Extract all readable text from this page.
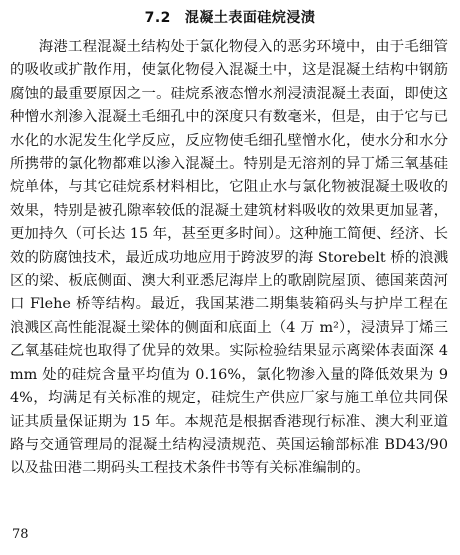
7.2 混凝土表面硅烷浸渍

海港工程混凝土结构处于氯化物侵入的恶劣环境中，由于毛细管的吸收或扩散作用，使氯化物侵入混凝土中，这是混凝土结构中钢筋腐蚀的最重要原因之一。硅烷系液态憎水剂浸渍混凝土表面，即使这种憎水剂渗入混凝土毛细孔中的深度只有数毫米，但是，由于它与已水化的水泥发生化学反应，反应物使毛细孔壁憎水化，使水分和水分所携带的氯化物都难以渗入混凝土。特别是无溶剂的异丁烯三氧基硅烷单体，与其它硅烷系材料相比，它阻止水与氯化物被混凝土吸收的效果，特别是被孔隙率较低的混凝土建筑材料吸收的效果更加显著，更加持久（可长达 15 年，甚至更多时间）。这种施工简便、经济、长效的防腐蚀技术，最近成功地应用于跨波罗的海 Storebelt 桥的浪溅区的梁、板底侧面、澳大利亚悉尼海岸上的歌剧院屋顶、德国莱茵河口 Flehe 桥等结构。最近，我国某港二期集装箱码头与护岸工程在浪溅区高性能混凝土梁体的侧面和底面上（4 万 m²），浸渍异丁烯三乙氧基硅烷也取得了优异的效果。实际检验结果显示离梁体表面深 4mm 处的硅烷含量平均值为 0.16%，氯化物渗入量的降低效果为 94%，均满足有关标准的规定，硅烷生产供应厂家与施工单位共同保证其质量保证期为 15 年。本规范是根据香港现行标准、澳大利亚道路与交通管理局的混凝土结构浸渍规范、英国运输部标准 BD43/90 以及盐田港二期码头工程技术条件书等有关标准编制的。

78
